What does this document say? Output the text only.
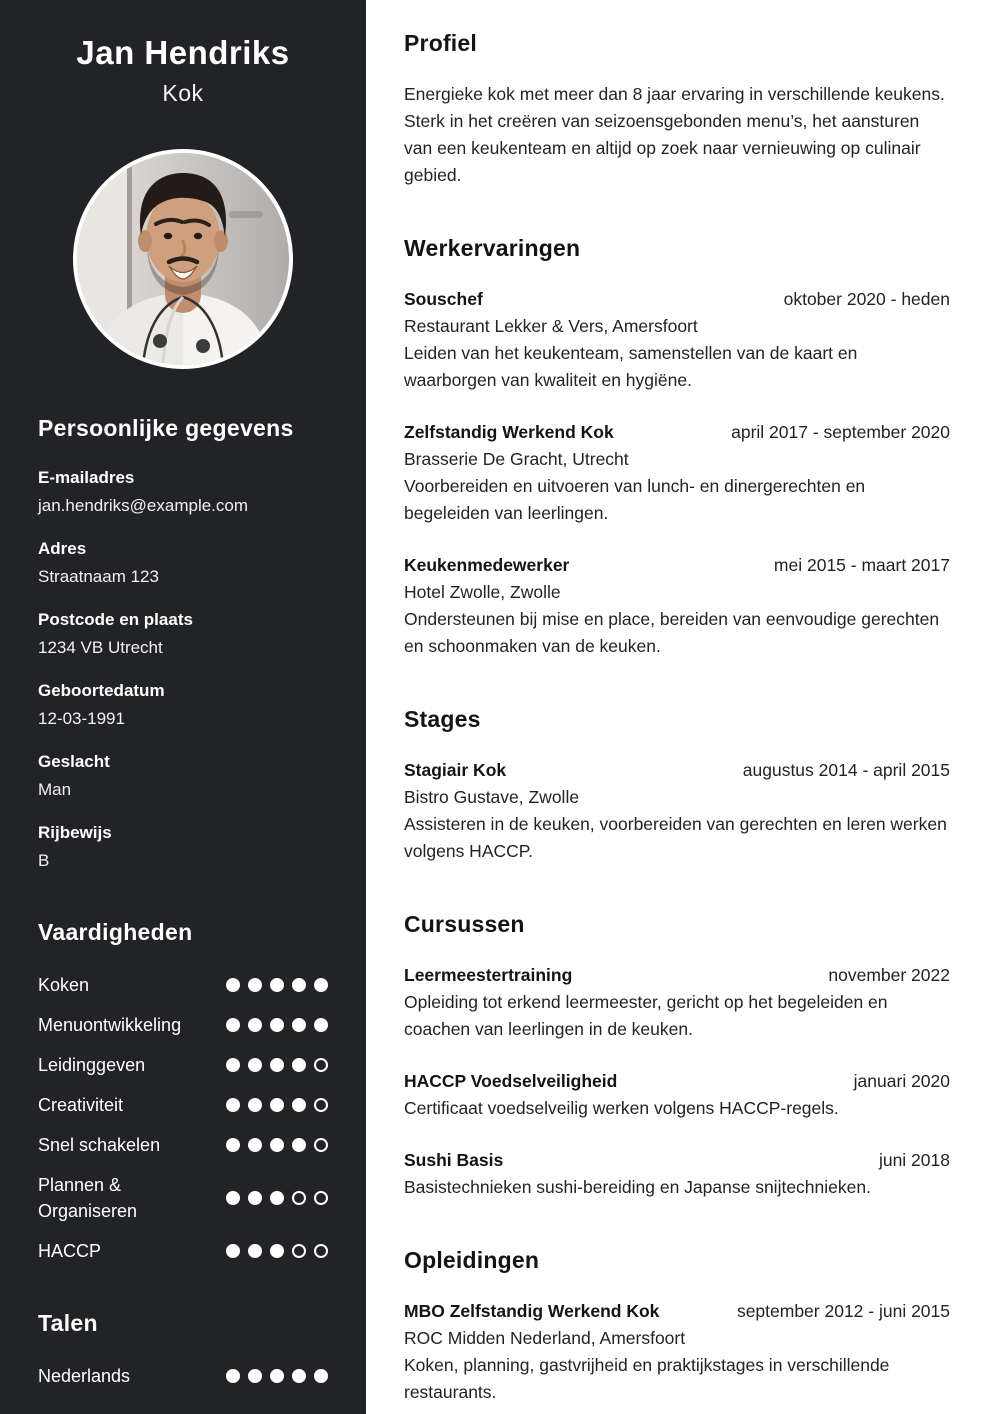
Jan Hendriks
Kok
Persoonlijke gegevens
E-mailadres
jan.hendriks@example.com
Adres
Straatnaam 123
Postcode en plaats
1234 VB Utrecht
Geboortedatum
12-03-1991
Geslacht
Man
Rijbewijs
B
Vaardigheden
Koken
Menuontwikkeling
Leidinggeven
Creativiteit
Snel schakelen
Plannen & Organiseren
HACCP
Talen
Nederlands
Profiel

Energieke kok met meer dan 8 jaar ervaring in verschillende keukens. Sterk in het creëren van seizoensgebonden menu’s, het aansturen van een keukenteam en altijd op zoek naar vernieuwing op culinair gebied.

Werkervaringen
Souschef	oktober 2020 - heden
Restaurant Lekker & Vers, Amersfoort
Leiden van het keukenteam, samenstellen van de kaart en waarborgen van kwaliteit en hygiëne.
Zelfstandig Werkend Kok	april 2017 - september 2020
Brasserie De Gracht, Utrecht
Voorbereiden en uitvoeren van lunch- en dinergerechten en begeleiden van leerlingen.
Keukenmedewerker	mei 2015 - maart 2017
Hotel Zwolle, Zwolle
Ondersteunen bij mise en place, bereiden van eenvoudige gerechten en schoonmaken van de keuken.
Stages
Stagiair Kok	augustus 2014 - april 2015
Bistro Gustave, Zwolle
Assisteren in de keuken, voorbereiden van gerechten en leren werken volgens HACCP.
Cursussen
Leermeestertraining	november 2022
Opleiding tot erkend leermeester, gericht op het begeleiden en coachen van leerlingen in de keuken.
HACCP Voedselveiligheid	januari 2020
Certificaat voedselveilig werken volgens HACCP-regels.
Sushi Basis	juni 2018
Basistechnieken sushi-bereiding en Japanse snijtechnieken.
Opleidingen
MBO Zelfstandig Werkend Kok	september 2012 - juni 2015
ROC Midden Nederland, Amersfoort
Koken, planning, gastvrijheid en praktijkstages in verschillende restaurants.
